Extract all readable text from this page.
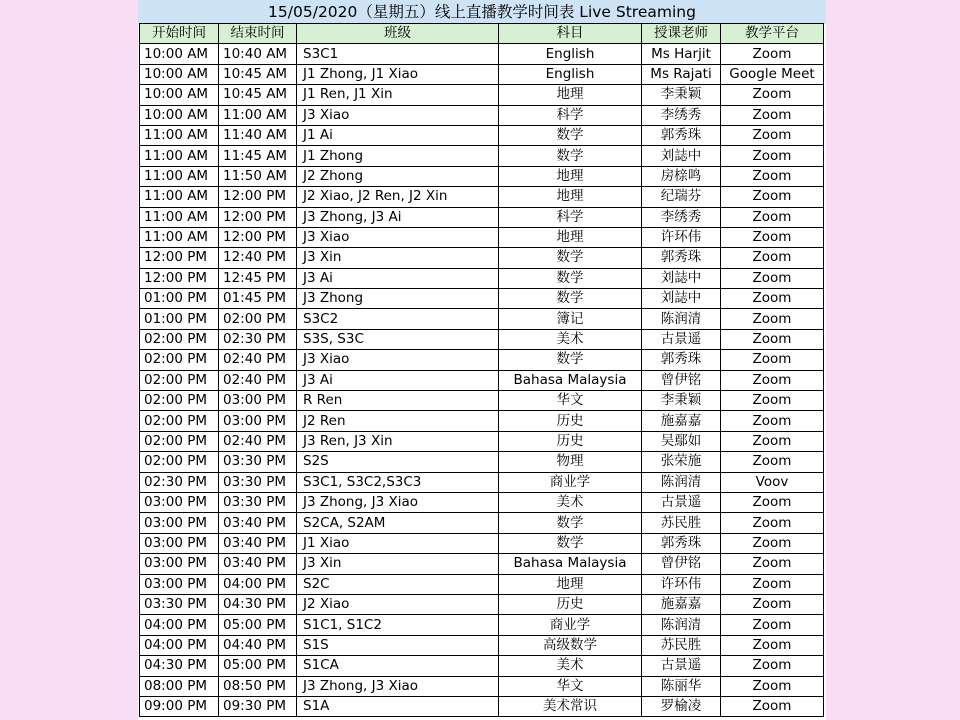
15/05/2020（星期五）线上直播教学时间表 Live Streaming
开始时间	结束时间	班级	科目	授课老师	教学平台
10:00 AM	10:40 AM	S3C1	English	Ms Harjit	Zoom
10:00 AM	10:45 AM	J1 Zhong, J1 Xiao	English	Ms Rajati	Google Meet
10:00 AM	10:45 AM	J1 Ren, J1 Xin	地理	李秉颖	Zoom
10:00 AM	11:00 AM	J3 Xiao	科学	李绣秀	Zoom
11:00 AM	11:40 AM	J1 Ai	数学	郭秀珠	Zoom
11:00 AM	11:45 AM	J1 Zhong	数学	刘誌中	Zoom
11:00 AM	11:50 AM	J2 Zhong	地理	房榇鸣	Zoom
11:00 AM	12:00 PM	J2 Xiao, J2 Ren, J2 Xin	地理	纪瑞芬	Zoom
11:00 AM	12:00 PM	J3 Zhong, J3 Ai	科学	李绣秀	Zoom
11:00 AM	12:00 PM	J3 Xiao	地理	许环伟	Zoom
12:00 PM	12:40 PM	J3 Xin	数学	郭秀珠	Zoom
12:00 PM	12:45 PM	J3 Ai	数学	刘誌中	Zoom
01:00 PM	01:45 PM	J3 Zhong	数学	刘誌中	Zoom
01:00 PM	02:00 PM	S3C2	簿记	陈润清	Zoom
02:00 PM	02:30 PM	S3S, S3C	美术	古景遥	Zoom
02:00 PM	02:40 PM	J3 Xiao	数学	郭秀珠	Zoom
02:00 PM	02:40 PM	J3 Ai	Bahasa Malaysia	曾伊铭	Zoom
02:00 PM	03:00 PM	R Ren	华文	李秉颖	Zoom
02:00 PM	03:00 PM	J2 Ren	历史	施嘉嘉	Zoom
02:00 PM	02:40 PM	J3 Ren, J3 Xin	历史	吴鄢如	Zoom
02:00 PM	03:30 PM	S2S	物理	张荣施	Zoom
02:30 PM	03:30 PM	S3C1, S3C2,S3C3	商业学	陈润清	Voov
03:00 PM	03:30 PM	J3 Zhong, J3 Xiao	美术	古景遥	Zoom
03:00 PM	03:40 PM	S2CA, S2AM	数学	苏民胜	Zoom
03:00 PM	03:40 PM	J1 Xiao	数学	郭秀珠	Zoom
03:00 PM	03:40 PM	J3 Xin	Bahasa Malaysia	曾伊铭	Zoom
03:00 PM	04:00 PM	S2C	地理	许环伟	Zoom
03:30 PM	04:30 PM	J2 Xiao	历史	施嘉嘉	Zoom
04:00 PM	05:00 PM	S1C1, S1C2	商业学	陈润清	Zoom
04:00 PM	04:40 PM	S1S	高级数学	苏民胜	Zoom
04:30 PM	05:00 PM	S1CA	美术	古景遥	Zoom
08:00 PM	08:50 PM	J3 Zhong, J3 Xiao	华文	陈丽华	Zoom
09:00 PM	09:30 PM	S1A	美术常识	罗榆凌	Zoom
